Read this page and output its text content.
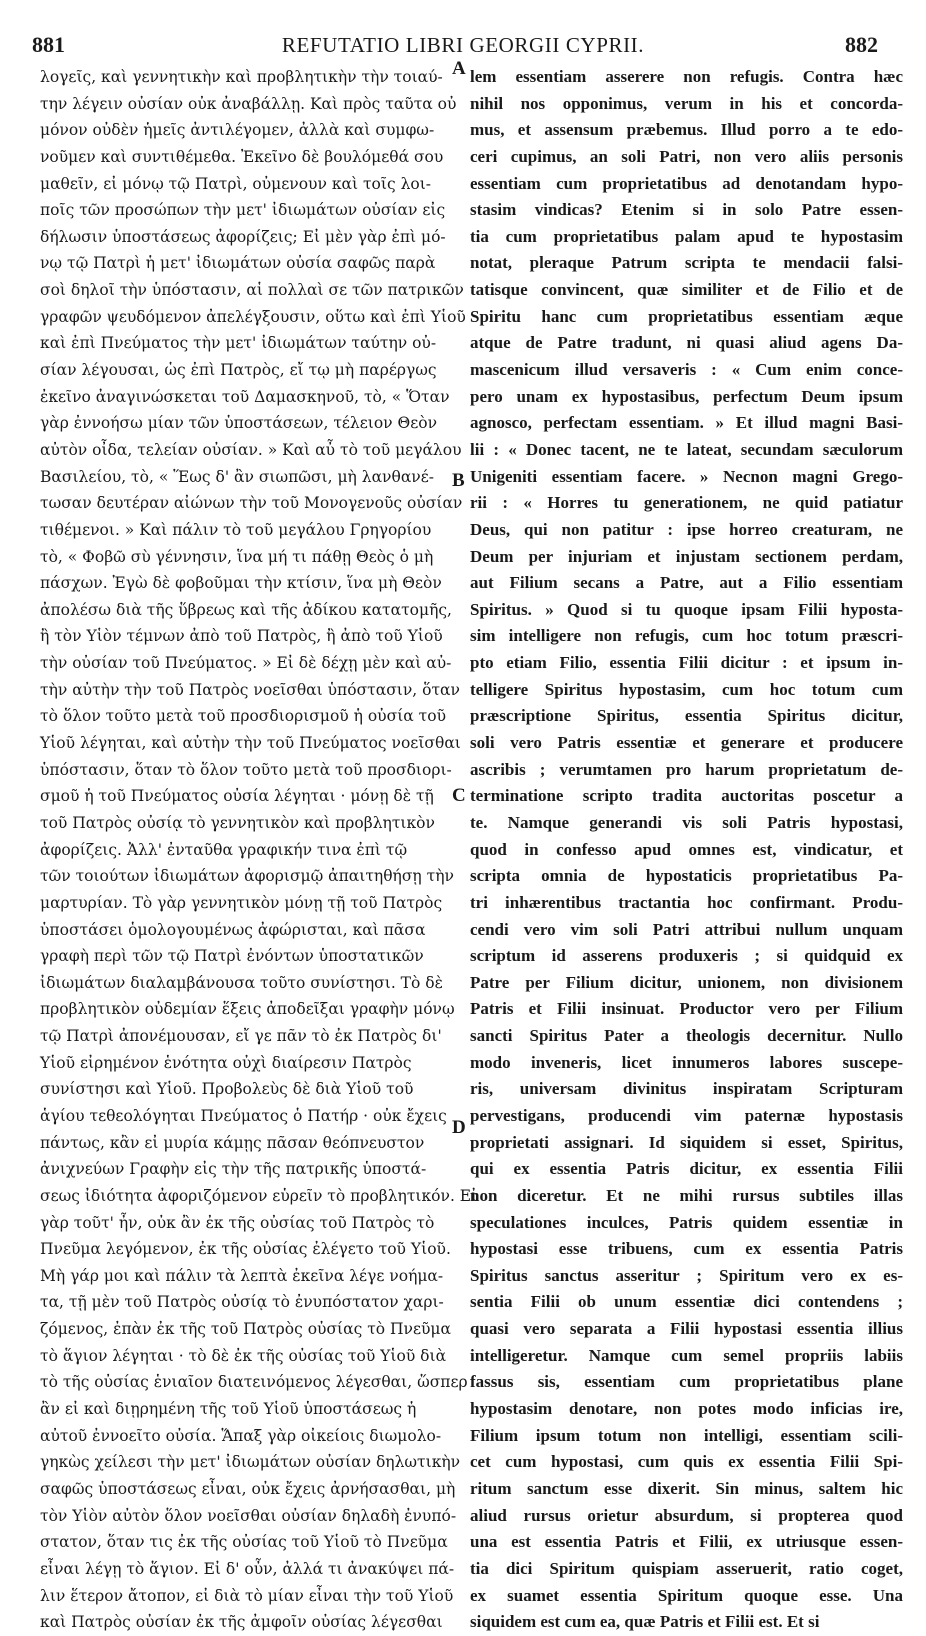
881	REFUTATIO LIBRI GEORGII CYPRII.	882
λογεῖς, καὶ γεννητικὴν καὶ προβλητικὴν τὴν τοιαύ-
την λέγειν οὐσίαν οὐκ ἀναβάλλῃ. Καὶ πρὸς ταῦτα οὐ
μόνον οὐδὲν ἡμεῖς ἀντιλέγομεν, ἀλλὰ καὶ συμφω-
νοῦμεν καὶ συντιθέμεθα. Ἐκεῖνο δὲ βουλόμεθά σου
μαθεῖν, εἰ μόνῳ τῷ Πατρὶ, οὐμενουν καὶ τοῖς λοι-
ποῖς τῶν προσώπων τὴν μετ' ἰδιωμάτων οὐσίαν εἰς
δήλωσιν ὑποστάσεως ἀφορίζεις; Εἰ μὲν γὰρ ἐπὶ μό-
νῳ τῷ Πατρὶ ἡ μετ' ἰδιωμάτων οὐσία σαφῶς παρὰ
σοὶ δηλοῖ τὴν ὑπόστασιν, αἱ πολλαὶ σε τῶν πατρικῶν
γραφῶν ψευδόμενον ἀπελέγξουσιν, οὕτω καὶ ἐπὶ Υἱοῦ
καὶ ἐπὶ Πνεύματος τὴν μετ' ἰδιωμάτων ταύτην οὐ-
σίαν λέγουσαι, ὡς ἐπὶ Πατρὸς, εἴ τῳ μὴ παρέργως
ἐκεῖνο ἀναγινώσκεται τοῦ Δαμασκηνοῦ, τὸ, « Ὅταν
γὰρ ἐννοήσω μίαν τῶν ὑποστάσεων, τέλειον Θεὸν
αὐτὸν οἶδα, τελείαν οὐσίαν. » Καὶ αὖ τὸ τοῦ μεγάλου
Βασιλείου, τὸ, « Ἕως δ' ἂν σιωπῶσι, μὴ λανθανέ-
τωσαν δευτέραν αἰώνων τὴν τοῦ Μονογενοῦς οὐσίαν
τιθέμενοι. » Καὶ πάλιν τὸ τοῦ μεγάλου Γρηγορίου
τὸ, « Φοβῶ σὺ γέννησιν, ἵνα μή τι πάθῃ Θεὸς ὁ μὴ
πάσχων. Ἐγὼ δὲ φοβοῦμαι τὴν κτίσιν, ἵνα μὴ Θεὸν
ἀπολέσω διὰ τῆς ὕβρεως καὶ τῆς ἀδίκου κατατομῆς,
ἢ τὸν Υἱὸν τέμνων ἀπὸ τοῦ Πατρὸς, ἢ ἀπὸ τοῦ Υἱοῦ
τὴν οὐσίαν τοῦ Πνεύματος. » Εἰ δὲ δέχῃ μὲν καὶ αὐ-
τὴν αὐτὴν τὴν τοῦ Πατρὸς νοεῖσθαι ὑπόστασιν, ὅταν
τὸ ὅλον τοῦτο μετὰ τοῦ προσδιορισμοῦ ἡ οὐσία τοῦ
Υἱοῦ λέγηται, καὶ αὐτὴν τὴν τοῦ Πνεύματος νοεῖσθαι
ὑπόστασιν, ὅταν τὸ ὅλον τοῦτο μετὰ τοῦ προσδιορι-
σμοῦ ἡ τοῦ Πνεύματος οὐσία λέγηται · μόνῃ δὲ τῇ
τοῦ Πατρὸς οὐσίᾳ τὸ γεννητικὸν καὶ προβλητικὸν
ἀφορίζεις. Ἀλλ' ἐνταῦθα γραφικήν τινα ἐπὶ τῷ
τῶν τοιούτων ἰδιωμάτων ἀφορισμῷ ἀπαιτηθήσῃ τὴν
μαρτυρίαν. Τὸ γὰρ γεννητικὸν μόνῃ τῇ τοῦ Πατρὸς
ὑποστάσει ὁμολογουμένως ἀφώρισται, καὶ πᾶσα
γραφὴ περὶ τῶν τῷ Πατρὶ ἐνόντων ὑποστατικῶν
ἰδιωμάτων διαλαμβάνουσα τοῦτο συνίστησι. Τὸ δὲ
προβλητικὸν οὐδεμίαν ἕξεις ἀποδεῖξαι γραφὴν μόνῳ
τῷ Πατρὶ ἀπονέμουσαν, εἴ γε πᾶν τὸ ἐκ Πατρὸς δι'
Υἱοῦ εἰρημένον ἑνότητα οὐχὶ διαίρεσιν Πατρὸς
συνίστησι καὶ Υἱοῦ. Προβολεὺς δὲ διὰ Υἱοῦ τοῦ
ἁγίου τεθεολόγηται Πνεύματος ὁ Πατήρ · οὐκ ἔχεις
πάντως, κἂν εἰ μυρία κάμῃς πᾶσαν θεόπνευστον
ἀνιχνεύων Γραφὴν εἰς τὴν τῆς πατρικῆς ὑποστά-
σεως ἰδιότητα ἀφοριζόμενον εὑρεῖν τὸ προβλητικόν. Εἰ
γὰρ τοῦτ' ἦν, οὐκ ἂν ἐκ τῆς οὐσίας τοῦ Πατρὸς τὸ
Πνεῦμα λεγόμενον, ἐκ τῆς οὐσίας ἐλέγετο τοῦ Υἱοῦ.
Μὴ γάρ μοι καὶ πάλιν τὰ λεπτὰ ἐκεῖνα λέγε νοήμα-
τα, τῇ μὲν τοῦ Πατρὸς οὐσίᾳ τὸ ἐνυπόστατον χαρι-
ζόμενος, ἐπὰν ἐκ τῆς τοῦ Πατρὸς οὐσίας τὸ Πνεῦμα
τὸ ἅγιον λέγηται · τὸ δὲ ἐκ τῆς οὐσίας τοῦ Υἱοῦ διὰ
τὸ τῆς οὐσίας ἑνιαῖον διατεινόμενος λέγεσθαι, ὥσπερ
ἂν εἰ καὶ διῃρημένη τῆς τοῦ Υἱοῦ ὑποστάσεως ἡ
αὐτοῦ ἐννοεῖτο οὐσία. Ἅπαξ γὰρ οἰκείοις διωμολο-
γηκὼς χείλεσι τὴν μετ' ἰδιωμάτων οὐσίαν δηλωτικὴν
σαφῶς ὑποστάσεως εἶναι, οὐκ ἔχεις ἀρνήσασθαι, μὴ
τὸν Υἱὸν αὐτὸν ὅλον νοεῖσθαι οὐσίαν δηλαδὴ ἐνυπό-
στατον, ὅταν τις ἐκ τῆς οὐσίας τοῦ Υἱοῦ τὸ Πνεῦμα
εἶναι λέγῃ τὸ ἅγιον. Εἰ δ' οὖν, ἀλλά τι ἀνακύψει πά-
λιν ἕτερον ἄτοπον, εἰ διὰ τὸ μίαν εἶναι τὴν τοῦ Υἱοῦ
καὶ Πατρὸς οὐσίαν ἐκ τῆς ἀμφοῖν οὐσίας λέγεσθαι
lem essentiam asserere non refugis. Contra hæc
nihil nos opponimus, verum in his et concorda-
mus, et assensum præbemus. Illud porro a te edo-
ceri cupimus, an soli Patri, non vero aliis personis
essentiam cum proprietatibus ad denotandam hypo-
stasim vindicas? Etenim si in solo Patre essen-
tia cum proprietatibus palam apud te hypostasim
notat, pleraque Patrum scripta te mendacii falsi-
tatisque convincent, quæ similiter et de Filio et de
Spiritu hanc cum proprietatibus essentiam æque
atque de Patre tradunt, ni quasi aliud agens Da-
mascenicum illud versaveris : « Cum enim conce-
pero unam ex hypostasibus, perfectum Deum ipsum
agnosco, perfectam essentiam. » Et illud magni Basi-
lii : « Donec tacent, ne te lateat, secundam sæculorum
Unigeniti essentiam facere. » Necnon magni Grego-
rii : « Horres tu generationem, ne quid patiatur
Deus, qui non patitur : ipse horreo creaturam, ne
Deum per injuriam et injustam sectionem perdam,
aut Filium secans a Patre, aut a Filio essentiam
Spiritus. » Quod si tu quoque ipsam Filii hyposta-
sim intelligere non refugis, cum hoc totum præscri-
pto etiam Filio, essentia Filii dicitur : et ipsum in-
telligere Spiritus hypostasim, cum hoc totum cum
præscriptione Spiritus, essentia Spiritus dicitur,
soli vero Patris essentiæ et generare et producere
ascribis ; verumtamen pro harum proprietatum de-
terminatione scripto tradita auctoritas poscetur a
te. Namque generandi vis soli Patris hypostasi,
quod in confesso apud omnes est, vindicatur, et
scripta omnia de hypostaticis proprietatibus Pa-
tri inhærentibus tractantia hoc confirmant. Produ-
cendi vero vim soli Patri attribui nullum unquam
scriptum id asserens produxeris ; si quidquid ex
Patre per Filium dicitur, unionem, non divisionem
Patris et Filii insinuat. Productor vero per Filium
sancti Spiritus Pater a theologis decernitur. Nullo
modo inveneris, licet innumeros labores suscepe-
ris, universam divinitus inspiratam Scripturam
pervestigans, producendi vim paternæ hypostasis
proprietati assignari. Id siquidem si esset, Spiritus,
qui ex essentia Patris dicitur, ex essentia Filii
non diceretur. Et ne mihi rursus subtiles illas
speculationes inculces, Patris quidem essentiæ in
hypostasi esse tribuens, cum ex essentia Patris
Spiritus sanctus asseritur ; Spiritum vero ex es-
sentia Filii ob unum essentiæ dici contendens ;
quasi vero separata a Filii hypostasi essentia illius
intelligeretur. Namque cum semel propriis labiis
fassus sis, essentiam cum proprietatibus plane
hypostasim denotare, non potes modo inficias ire,
Filium ipsum totum non intelligi, essentiam scili-
cet cum hypostasi, cum quis ex essentia Filii Spi-
ritum sanctum esse dixerit. Sin minus, saltem hic
aliud rursus orietur absurdum, si propterea quod
una est essentia Patris et Filii, ex utriusque essen-
tia dici Spiritum quispiam asseruerit, ratio coget,
ex suamet essentia Spiritum quoque esse. Una
siquidem est cum ea, quæ Patris et Filii est. Et si
A
B
C
D
